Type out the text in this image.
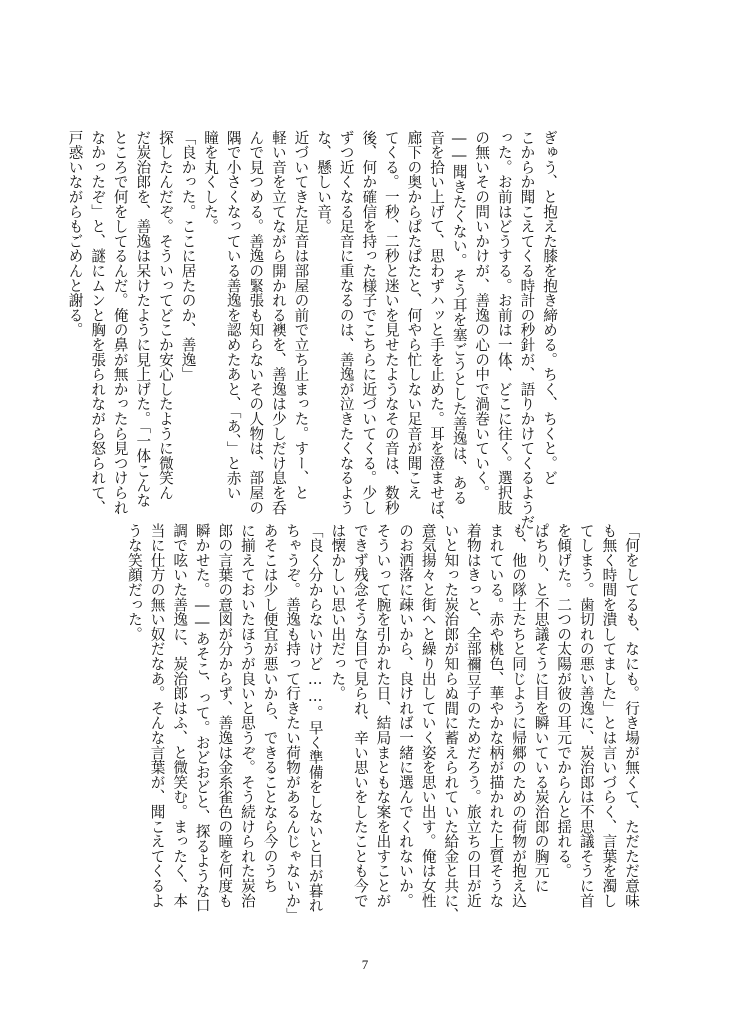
ぎゅう、と抱えた膝を抱き締める。ちく、ちくと。ど
こからか聞こえてくる時計の秒針が、語りかけてくるようだ
った。お前はどうする。お前は一体、どこに往く。選択肢
の無いその問いかけが、善逸の心の中で渦巻いていく。
――聞きたくない。そう耳を塞ごうとした善逸は、ある
音を拾い上げて、思わずハッと手を止めた。耳を澄ませば、
廊下の奥からぱたぱたと、何やら忙しない足音が聞こえ
てくる。一秒、二秒と迷いを見せたようなその音は、数秒
後、何か確信を持った様子でこちらに近づいてくる。少し
ずつ近くなる足音に重なるのは、善逸が泣きたくなるよう
な、懸しい音。
近づいてきた足音は部屋の前で立ち止まった。すー、と
軽い音を立てながら開かれる襖を、善逸は少しだけ息を呑
んで見つめる。善逸の緊張も知らないその人物は、部屋の
隅で小さくなっている善逸を認めたあと、「あ、」と赤い
瞳を丸くした。
「良かった。ここに居たのか、善逸」
探したんだぞ。そういってどこか安心したように微笑ん
だ炭治郎を、善逸は呆けたように見上げた。「一体こんな
ところで何をしてるんだ。俺の鼻が無かったら見つけられ
なかったぞ」と、謎にムンと胸を張られながら怒られて、
戸惑いながらもごめんと謝る。
「何をしてるも、なにも。行き場が無くて、ただただ意味
も無く時間を潰してました」とは言いづらく、言葉を濁し
てしまう。歯切れの悪い善逸に、炭治郎は不思議そうに首
を傾げた。二つの太陽が彼の耳元でからんと揺れる。
ぱちり、と不思議そうに目を瞬いている炭治郎の胸元に
も、他の隊士たちと同じように帰郷のための荷物が抱え込
まれている。赤や桃色、華やかな柄が描かれた上質そうな
着物はきっと、全部禰豆子のためだろう。旅立ちの日が近
いと知った炭治郎が知らぬ間に蓄えられていた給金と共に、
意気揚々と街へと繰り出していく姿を思い出す。俺は女性
のお洒落に疎いから、良ければ一緒に選んでくれないか。
そういって腕を引かれた日、結局まともな案を出すことが
できず残念そうな目で見られ、辛い思いをしたことも今で
は懐かしい思い出だった。
「良く分からないけど……。早く準備をしないと日が暮れ
ちゃうぞ。善逸も持って行きたい荷物があるんじゃないか」
あそこは少し便宜が悪いから、できることなら今のうち
に揃えておいたほうが良いと思うぞ。そう続けられた炭治
郎の言葉の意図が分からず、善逸は金糸雀色の瞳を何度も
瞬かせた。――あそこ、って。おどおどと、探るような口
調で呟いた善逸に、炭治郎はふ、と微笑む。まったく、本
当に仕方の無い奴だなあ。そんな言葉が、聞こえてくるよ
うな笑顔だった。
7
